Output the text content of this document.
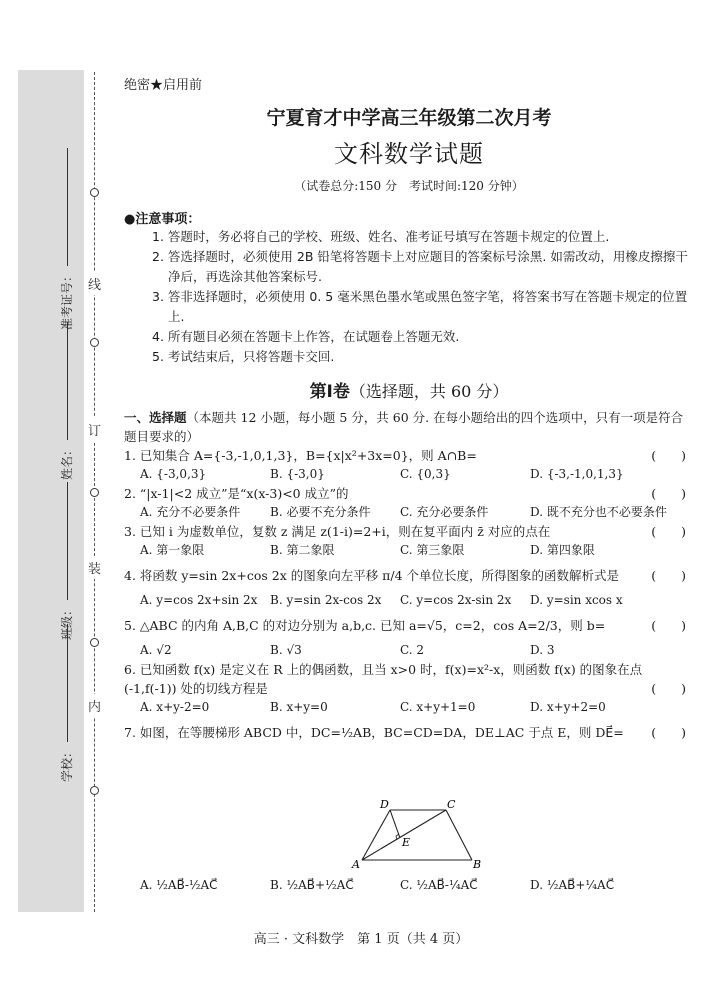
学校：
班级：
姓名：
准考证号： 线
订
装
内
绝密★启用前
宁夏育才中学高三年级第二次月考
文科数学试题
（试卷总分:150 分　考试时间:120 分钟）
●注意事项：
1. 答题时，务必将自己的学校、班级、姓名、准考证号填写在答题卡规定的位置上.
2. 答选择题时，必须使用 2B 铅笔将答题卡上对应题目的答案标号涂黑. 如需改动，用橡皮擦擦干净后，再选涂其他答案标号.
3. 答非选择题时，必须使用 0. 5 毫米黑色墨水笔或黑色签字笔，将答案书写在答题卡规定的位置上.
4. 所有题目必须在答题卡上作答，在试题卷上答题无效.
5. 考试结束后，只将答题卡交回.
第Ⅰ卷（选择题，共 60 分）
一、选择题（本题共 12 小题，每小题 5 分，共 60 分. 在每小题给出的四个选项中，只有一项是符合题目要求的）
1. 已知集合 A={-3,-1,0,1,3}，B={x|x²+3x=0}，则 A∩B=	(　　)
A. {-3,0,3}	B. {-3,0}	C. {0,3}	D. {-3,-1,0,1,3}
2. “|x-1|<2 成立”是“x(x-3)<0 成立”的	(　　)
A. 充分不必要条件	B. 必要不充分条件	C. 充分必要条件	D. 既不充分也不必要条件
3. 已知 i 为虚数单位，复数 z 满足 z(1-i)=2+i，则在复平面内 z̄ 对应的点在	(　　)
A. 第一象限	B. 第二象限	C. 第三象限	D. 第四象限
4. 将函数 y=sin 2x+cos 2x 的图象向左平移 π/4 个单位长度，所得图象的函数解析式是	(　　)
A. y=cos 2x+sin 2x	B. y=sin 2x-cos 2x	C. y=cos 2x-sin 2x	D. y=sin xcos x
5. △ABC 的内角 A,B,C 的对边分别为 a,b,c. 已知 a=√5，c=2，cos A=2/3，则 b=	(　　)
A. √2	B. √3	C. 2	D. 3
6. 已知函数 f(x) 是定义在 R 上的偶函数，且当 x>0 时，f(x)=x²-x，则函数 f(x) 的图象在点 (-1,f(-1)) 处的切线方程是	(　　)
A. x+y-2=0	B. x+y=0	C. x+y+1=0	D. x+y+2=0
7. 如图，在等腰梯形 ABCD 中，DC=½AB，BC=CD=DA，DE⊥AC 于点 E，则 DE⃗= (　　)
D	C
E
A	B
A. ½AB⃗-½AC⃗	B. ½AB⃗+½AC⃗	C. ½AB⃗-¼AC⃗	D. ½AB⃗+¼AC⃗
高三 · 文科数学　第 1 页（共 4 页）
